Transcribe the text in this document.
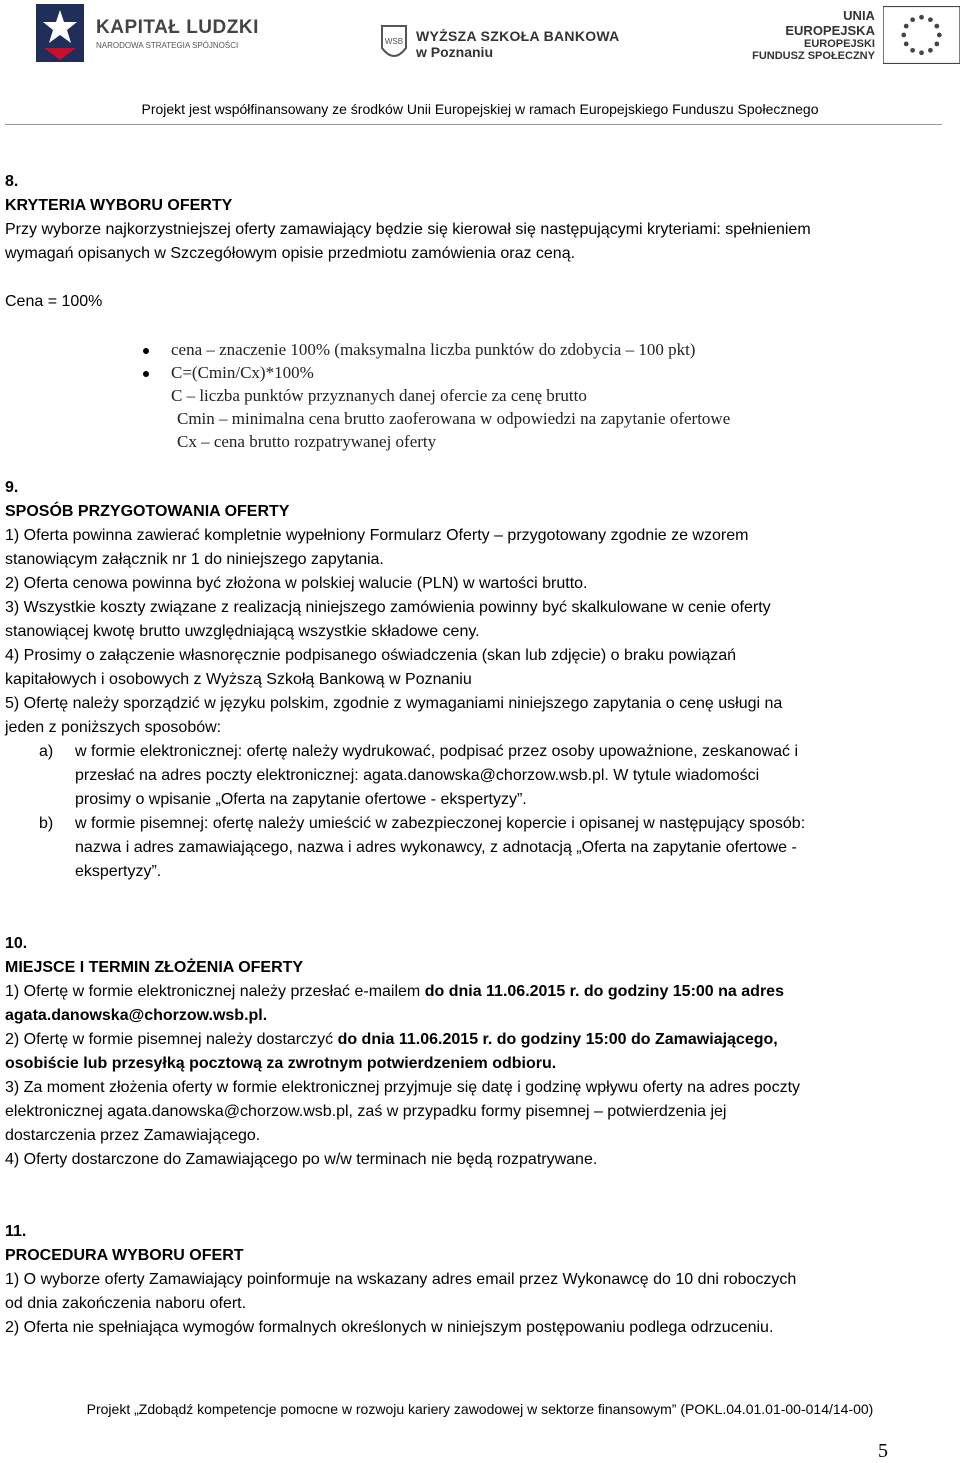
KAPITAŁ LUDZKI
NARODOWA STRATEGIA SPÓJNOŚCI	WSB WYŻSZA SZKOŁA BANKOWA
w Poznaniu
UNIA EUROPEJSKA
EUROPEJSKI
FUNDUSZ SPOŁECZNY
Projekt jest współfinansowany ze środków Unii Europejskiej w ramach Europejskiego Funduszu Społecznego
8.
KRYTERIA WYBORU OFERTY
Przy wyborze najkorzystniejszej oferty zamawiający będzie się kierował się następującymi kryteriami: spełnieniem
wymagań opisanych w Szczegółowym opisie przedmiotu zamówienia oraz ceną.
Cena = 100%
cena – znaczenie 100% (maksymalna liczba punktów do zdobycia – 100 pkt)
C=(Cmin/Cx)*100%
C – liczba punktów przyznanych danej ofercie za cenę brutto
Cmin – minimalna cena brutto zaoferowana w odpowiedzi na zapytanie ofertowe
Cx – cena brutto rozpatrywanej oferty
9.
SPOSÓB PRZYGOTOWANIA OFERTY
1) Oferta powinna zawierać kompletnie wypełniony Formularz Oferty – przygotowany zgodnie ze wzorem
stanowiącym załącznik nr 1 do niniejszego zapytania.
2) Oferta cenowa powinna być złożona w polskiej walucie (PLN) w wartości brutto.
3) Wszystkie koszty związane z realizacją niniejszego zamówienia powinny być skalkulowane w cenie oferty
stanowiącej kwotę brutto uwzględniającą wszystkie składowe ceny.
4) Prosimy o załączenie własnoręcznie podpisanego oświadczenia (skan lub zdjęcie) o braku powiązań
kapitałowych i osobowych z Wyższą Szkołą Bankową w Poznaniu
5) Ofertę należy sporządzić w języku polskim, zgodnie z wymaganiami niniejszego zapytania o cenę usługi na
jeden z poniższych sposobów:
a) w formie elektronicznej: ofertę należy wydrukować, podpisać przez osoby upoważnione, zeskanować i
przesłać na adres poczty elektronicznej: agata.danowska@chorzow.wsb.pl. W tytule wiadomości
prosimy o wpisanie „Oferta na zapytanie ofertowe - ekspertyzy”.
b) w formie pisemnej: ofertę należy umieścić w zabezpieczonej kopercie i opisanej w następujący sposób:
nazwa i adres zamawiającego, nazwa i adres wykonawcy, z adnotacją „Oferta na zapytanie ofertowe -
ekspertyzy”.
10.
MIEJSCE I TERMIN ZŁOŻENIA OFERTY
1) Ofertę w formie elektronicznej należy przesłać e-mailem do dnia 11.06.2015 r. do godziny 15:00 na adres
agata.danowska@chorzow.wsb.pl.
2) Ofertę w formie pisemnej należy dostarczyć do dnia 11.06.2015 r. do godziny 15:00 do Zamawiającego,
osobiście lub przesyłką pocztową za zwrotnym potwierdzeniem odbioru.
3) Za moment złożenia oferty w formie elektronicznej przyjmuje się datę i godzinę wpływu oferty na adres poczty
elektronicznej agata.danowska@chorzow.wsb.pl, zaś w przypadku formy pisemnej – potwierdzenia jej
dostarczenia przez Zamawiającego.
4) Oferty dostarczone do Zamawiającego po w/w terminach nie będą rozpatrywane.
11.
PROCEDURA WYBORU OFERT
1) O wyborze oferty Zamawiający poinformuje na wskazany adres email przez Wykonawcę do 10 dni roboczych
od dnia zakończenia naboru ofert.
2) Oferta nie spełniająca wymogów formalnych określonych w niniejszym postępowaniu podlega odrzuceniu.
Projekt „Zdobądź kompetencje pomocne w rozwoju kariery zawodowej w sektorze finansowym” (POKL.04.01.01-00-014/14-00)
5
